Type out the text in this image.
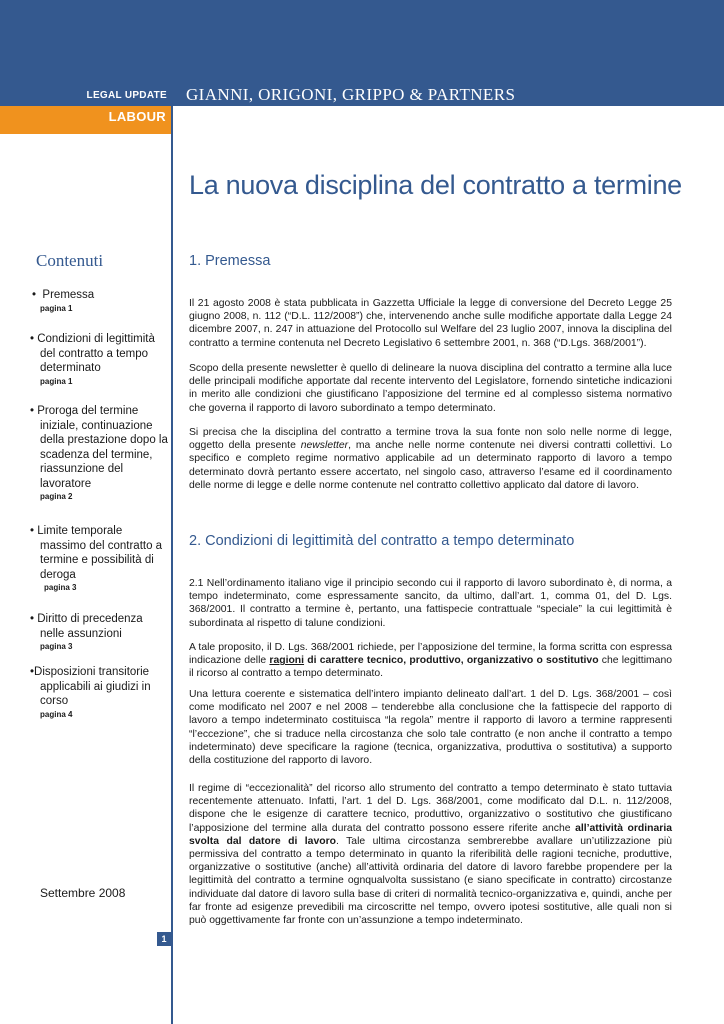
LEGAL UPDATE
LABOUR
GIANNI, ORIGONI, GRIPPO & PARTNERS
La nuova disciplina del contratto a termine
Contenuti
• Premessa
pagina 1
• Condizioni di legittimità del contratto a tempo determinato
pagina 1
• Proroga del termine iniziale, continuazione della prestazione dopo la scadenza del termine, riassunzione del lavoratore
pagina 2
• Limite temporale massimo del contratto a termine e possibilità di deroga
pagina 3
• Diritto di precedenza nelle assunzioni
pagina 3
•Disposizioni transitorie applicabili ai giudizi in corso
pagina 4
Settembre 2008
1
1. Premessa

Il 21 agosto 2008 è stata pubblicata in Gazzetta Ufficiale la legge di conversione del Decreto Legge 25 giugno 2008, n. 112 (“D.L. 112/2008”) che, intervenendo anche sulle modifiche apportate dalla Legge 24 dicembre 2007, n. 247 in attuazione del Protocollo sul Welfare del 23 luglio 2007, innova la disciplina del contratto a termine contenuta nel Decreto Legislativo 6 settembre 2001, n. 368 (“D.Lgs. 368/2001”).

Scopo della presente newsletter è quello di delineare la nuova disciplina del contratto a termine alla luce delle principali modifiche apportate dal recente intervento del Legislatore, fornendo sintetiche indicazioni in merito alle condizioni che giustificano l’apposizione del termine ed al complesso sistema normativo che governa il rapporto di lavoro subordinato a tempo determinato.

Si precisa che la disciplina del contratto a termine trova la sua fonte non solo nelle norme di legge, oggetto della presente newsletter, ma anche nelle norme contenute nei diversi contratti collettivi. Lo specifico e completo regime normativo applicabile ad un determinato rapporto di lavoro a tempo determinato dovrà pertanto essere accertato, nel singolo caso, attraverso l’esame ed il coordinamento delle norme di legge e delle norme contenute nel contratto collettivo applicato dal datore di lavoro.

2. Condizioni di legittimità del contratto a tempo determinato

2.1 Nell’ordinamento italiano vige il principio secondo cui il rapporto di lavoro subordinato è, di norma, a tempo indeterminato, come espressamente sancito, da ultimo, dall’art. 1, comma 01, del D. Lgs. 368/2001. Il contratto a termine è, pertanto, una fattispecie contrattuale “speciale” la cui legittimità è subordinata al rispetto di talune condizioni.

A tale proposito, il D. Lgs. 368/2001 richiede, per l’apposizione del termine, la forma scritta con espressa indicazione delle ragioni di carattere tecnico, produttivo, organizzativo o sostitutivo che legittimano il ricorso al contratto a tempo determinato.

Una lettura coerente e sistematica dell’intero impianto delineato dall’art. 1 del D. Lgs. 368/2001 – così come modificato nel 2007 e nel 2008 – tenderebbe alla conclusione che la fattispecie del rapporto di lavoro a tempo indeterminato costituisca “la regola” mentre il rapporto di lavoro a termine rappresenti “l’eccezione”, che si traduce nella circostanza che solo tale contratto (e non anche il contratto a tempo indeterminato) deve specificare la ragione (tecnica, organizzativa, produttiva o sostitutiva) a supporto della costituzione del rapporto di lavoro.

Il regime di “eccezionalità” del ricorso allo strumento del contratto a tempo determinato è stato tuttavia recentemente attenuato. Infatti, l’art. 1 del D. Lgs. 368/2001, come modificato dal D.L. n. 112/2008, dispone che le esigenze di carattere tecnico, produttivo, organizzativo o sostitutivo che giustificano l’apposizione del termine alla durata del contratto possono essere riferite anche all’attività ordinaria svolta dal datore di lavoro. Tale ultima circostanza sembrerebbe avallare un’utilizzazione più permissiva del contratto a tempo determinato in quanto la riferibilità delle ragioni tecniche, produttive, organizzative o sostitutive (anche) all’attività ordinaria del datore di lavoro farebbe propendere per la legittimità del contratto a termine ognqualvolta sussistano (e siano specificate in contratto) circostanze individuate dal datore di lavoro sulla base di criteri di normalità tecnico-organizzativa e, quindi, anche per far fronte ad esigenze prevedibili ma circoscritte nel tempo, ovvero ipotesi sostitutive, alle quali non si può oggettivamente far fronte con un’assunzione a tempo indeterminato.
